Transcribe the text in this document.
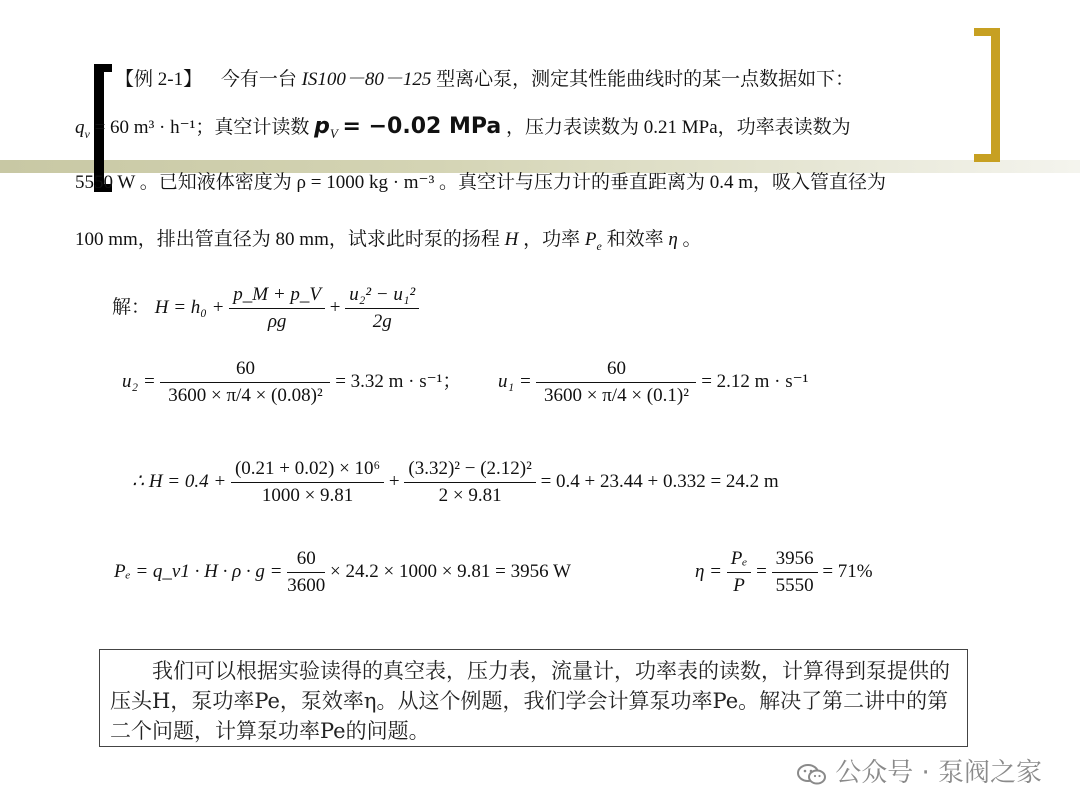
【例 2-1】 今有一台 IS100－80－125 型离心泵，测定其性能曲线时的某一点数据如下：
$q_v = 60$ m³ · h⁻¹；真空计读数 $p_V = -0.02$ MPa ，压力表读数为 0.21 MPa，功率表读数为
5550 W 。已知液体密度为 ρ = 1000 kg · m⁻³ 。真空计与压力计的垂直距离为 0.4 m，吸入管直径为
100 mm，排出管直径为 80 mm，试求此时泵的扬程 H ，功率 $P_e$ 和效率 η 。
解： $H = h_0 + \frac{p\_M + p\_V}{\rho g} + \frac{\text{u₂² − u₁²}}{2g}$
$u_2 = \frac{60}{\text{3600 × π/4 × (0.08)²}} = 3.32$ m · s⁻¹； $u_1 = \frac{60}{\text{3600 × π/4 × (0.1)²}} = 2.12$ m · s⁻¹
∴ $H = 0.4 + \frac{\text{(0.21 + 0.02) × 10⁶}}{1000 \times 9.81} + \frac{\text{(3.32)² − (2.12)²}}{2 \times 9.81} = 0.4 + 23.44 + 0.332 = 24.2$ m
Pₑ = q_v1 · $H \cdot \rho \cdot g = \frac{60}{3600} \times 24.2 \times 1000 \times 9.81 = 3956$ W	$\eta = \frac{\text{Pₑ}}{P} = \frac{3956}{5550} = 71\%$
我们可以根据实验读得的真空表，压力表，流量计，功率表的读数，计算得到泵提供的压头H，泵功率Pe，泵效率η。从这个例题，我们学会计算泵功率Pe。解决了第二讲中的第二个问题，计算泵功率Pe的问题。
公众号 · 泵阀之家
